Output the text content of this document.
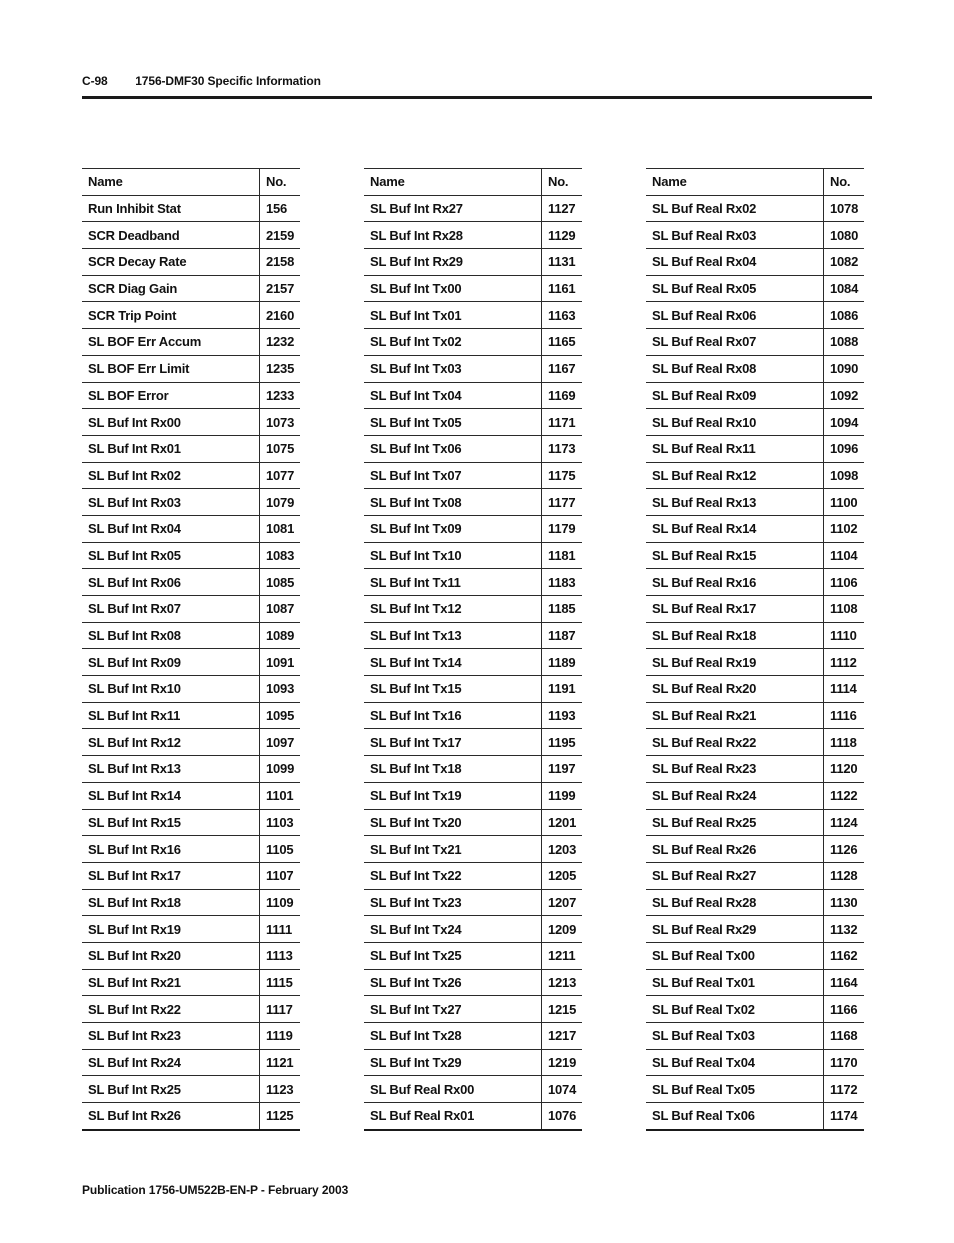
C-98 1756-DMF30 Specific Information
Name	No.
Run Inhibit Stat	156
SCR Deadband	2159
SCR Decay Rate	2158
SCR Diag Gain	2157
SCR Trip Point	2160
SL BOF Err Accum	1232
SL BOF Err Limit	1235
SL BOF Error	1233
SL Buf Int Rx00	1073
SL Buf Int Rx01	1075
SL Buf Int Rx02	1077
SL Buf Int Rx03	1079
SL Buf Int Rx04	1081
SL Buf Int Rx05	1083
SL Buf Int Rx06	1085
SL Buf Int Rx07	1087
SL Buf Int Rx08	1089
SL Buf Int Rx09	1091
SL Buf Int Rx10	1093
SL Buf Int Rx11	1095
SL Buf Int Rx12	1097
SL Buf Int Rx13	1099
SL Buf Int Rx14	1101
SL Buf Int Rx15	1103
SL Buf Int Rx16	1105
SL Buf Int Rx17	1107
SL Buf Int Rx18	1109
SL Buf Int Rx19	1111
SL Buf Int Rx20	1113
SL Buf Int Rx21	1115
SL Buf Int Rx22	1117
SL Buf Int Rx23	1119
SL Buf Int Rx24	1121
SL Buf Int Rx25	1123
SL Buf Int Rx26	1125
Name	No.
SL Buf Int Rx27	1127
SL Buf Int Rx28	1129
SL Buf Int Rx29	1131
SL Buf Int Tx00	1161
SL Buf Int Tx01	1163
SL Buf Int Tx02	1165
SL Buf Int Tx03	1167
SL Buf Int Tx04	1169
SL Buf Int Tx05	1171
SL Buf Int Tx06	1173
SL Buf Int Tx07	1175
SL Buf Int Tx08	1177
SL Buf Int Tx09	1179
SL Buf Int Tx10	1181
SL Buf Int Tx11	1183
SL Buf Int Tx12	1185
SL Buf Int Tx13	1187
SL Buf Int Tx14	1189
SL Buf Int Tx15	1191
SL Buf Int Tx16	1193
SL Buf Int Tx17	1195
SL Buf Int Tx18	1197
SL Buf Int Tx19	1199
SL Buf Int Tx20	1201
SL Buf Int Tx21	1203
SL Buf Int Tx22	1205
SL Buf Int Tx23	1207
SL Buf Int Tx24	1209
SL Buf Int Tx25	1211
SL Buf Int Tx26	1213
SL Buf Int Tx27	1215
SL Buf Int Tx28	1217
SL Buf Int Tx29	1219
SL Buf Real Rx00	1074
SL Buf Real Rx01	1076
Name	No.
SL Buf Real Rx02	1078
SL Buf Real Rx03	1080
SL Buf Real Rx04	1082
SL Buf Real Rx05	1084
SL Buf Real Rx06	1086
SL Buf Real Rx07	1088
SL Buf Real Rx08	1090
SL Buf Real Rx09	1092
SL Buf Real Rx10	1094
SL Buf Real Rx11	1096
SL Buf Real Rx12	1098
SL Buf Real Rx13	1100
SL Buf Real Rx14	1102
SL Buf Real Rx15	1104
SL Buf Real Rx16	1106
SL Buf Real Rx17	1108
SL Buf Real Rx18	1110
SL Buf Real Rx19	1112
SL Buf Real Rx20	1114
SL Buf Real Rx21	1116
SL Buf Real Rx22	1118
SL Buf Real Rx23	1120
SL Buf Real Rx24	1122
SL Buf Real Rx25	1124
SL Buf Real Rx26	1126
SL Buf Real Rx27	1128
SL Buf Real Rx28	1130
SL Buf Real Rx29	1132
SL Buf Real Tx00	1162
SL Buf Real Tx01	1164
SL Buf Real Tx02	1166
SL Buf Real Tx03	1168
SL Buf Real Tx04	1170
SL Buf Real Tx05	1172
SL Buf Real Tx06	1174
Publication 1756-UM522B-EN-P - February 2003
